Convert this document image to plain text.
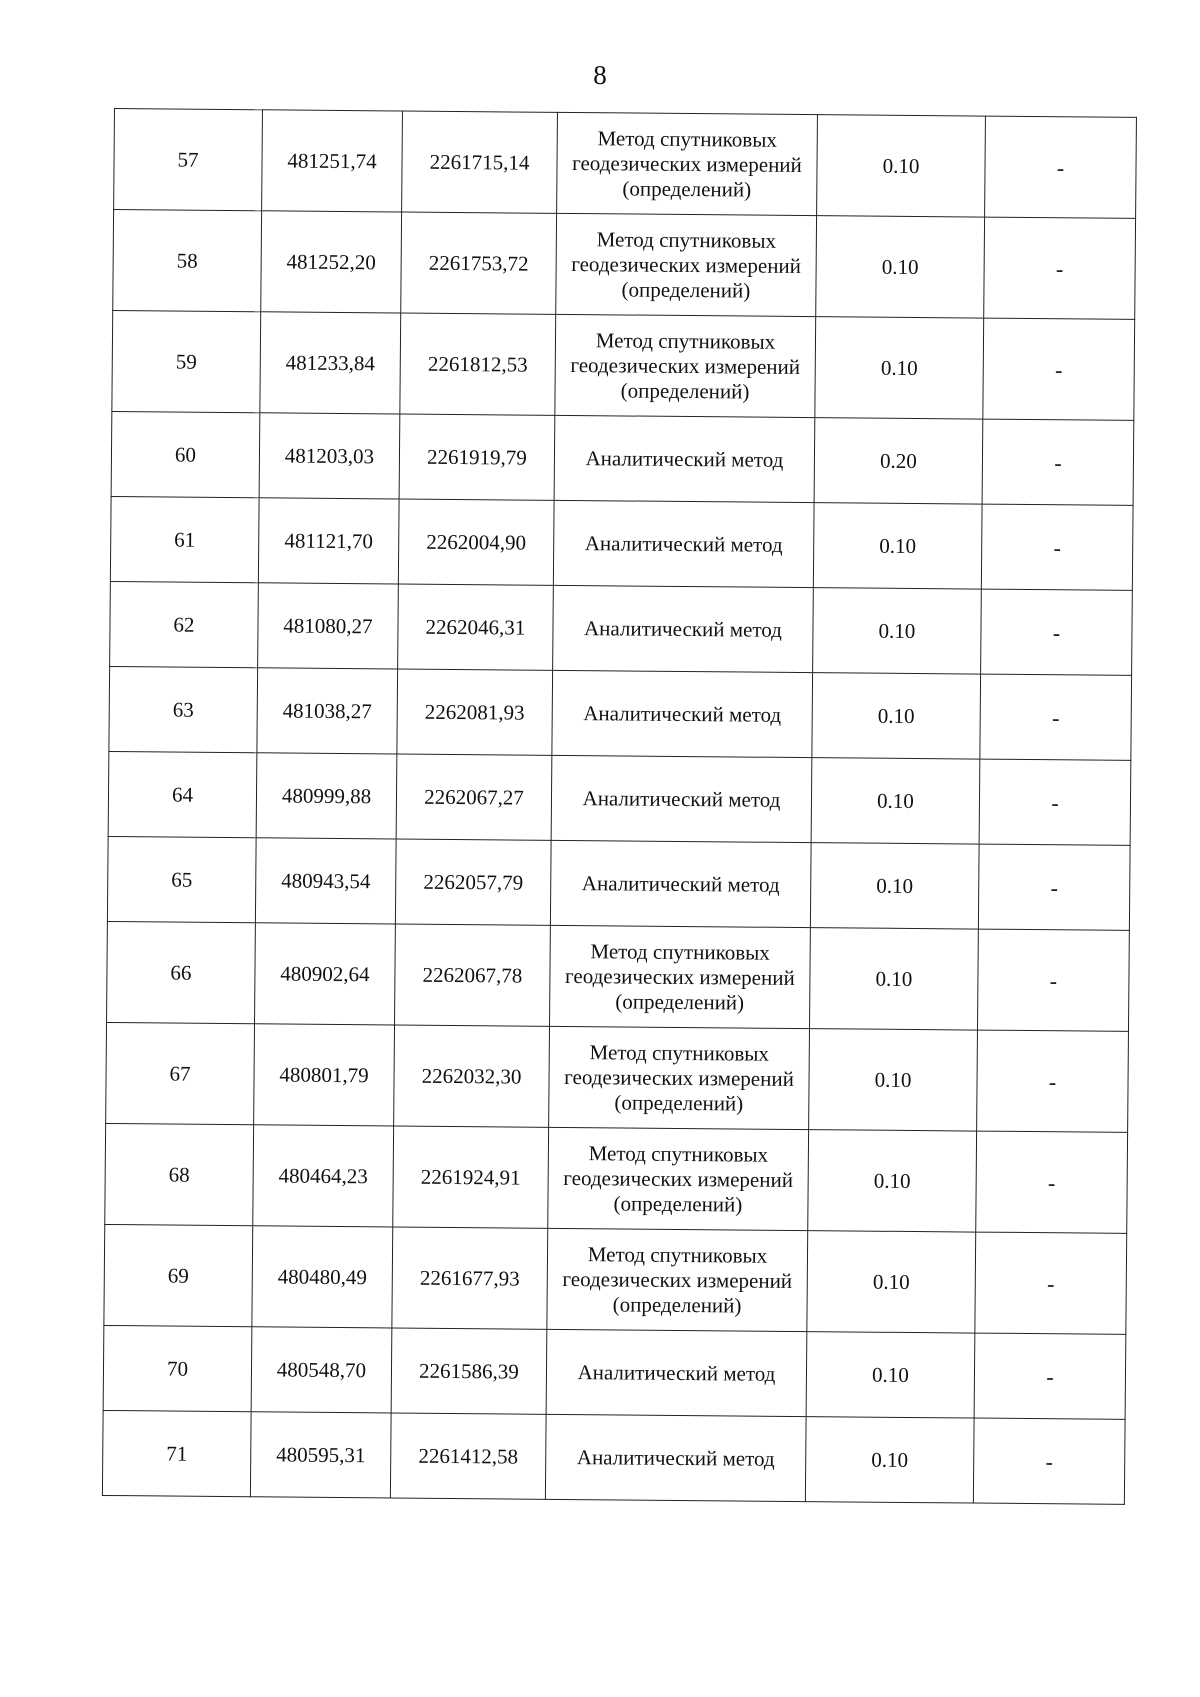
8
57	481251,74	2261715,14	Метод спутниковых геодезических измерений (определений)	0.10	-
58	481252,20	2261753,72	Метод спутниковых геодезических измерений (определений)	0.10	-
59	481233,84	2261812,53	Метод спутниковых геодезических измерений (определений)	0.10	-
60	481203,03	2261919,79	Аналитический метод	0.20	-
61	481121,70	2262004,90	Аналитический метод	0.10	-
62	481080,27	2262046,31	Аналитический метод	0.10	-
63	481038,27	2262081,93	Аналитический метод	0.10	-
64	480999,88	2262067,27	Аналитический метод	0.10	-
65	480943,54	2262057,79	Аналитический метод	0.10	-
66	480902,64	2262067,78	Метод спутниковых геодезических измерений (определений)	0.10	-
67	480801,79	2262032,30	Метод спутниковых геодезических измерений (определений)	0.10	-
68	480464,23	2261924,91	Метод спутниковых геодезических измерений (определений)	0.10	-
69	480480,49	2261677,93	Метод спутниковых геодезических измерений (определений)	0.10	-
70	480548,70	2261586,39	Аналитический метод	0.10	-
71	480595,31	2261412,58	Аналитический метод	0.10	-
